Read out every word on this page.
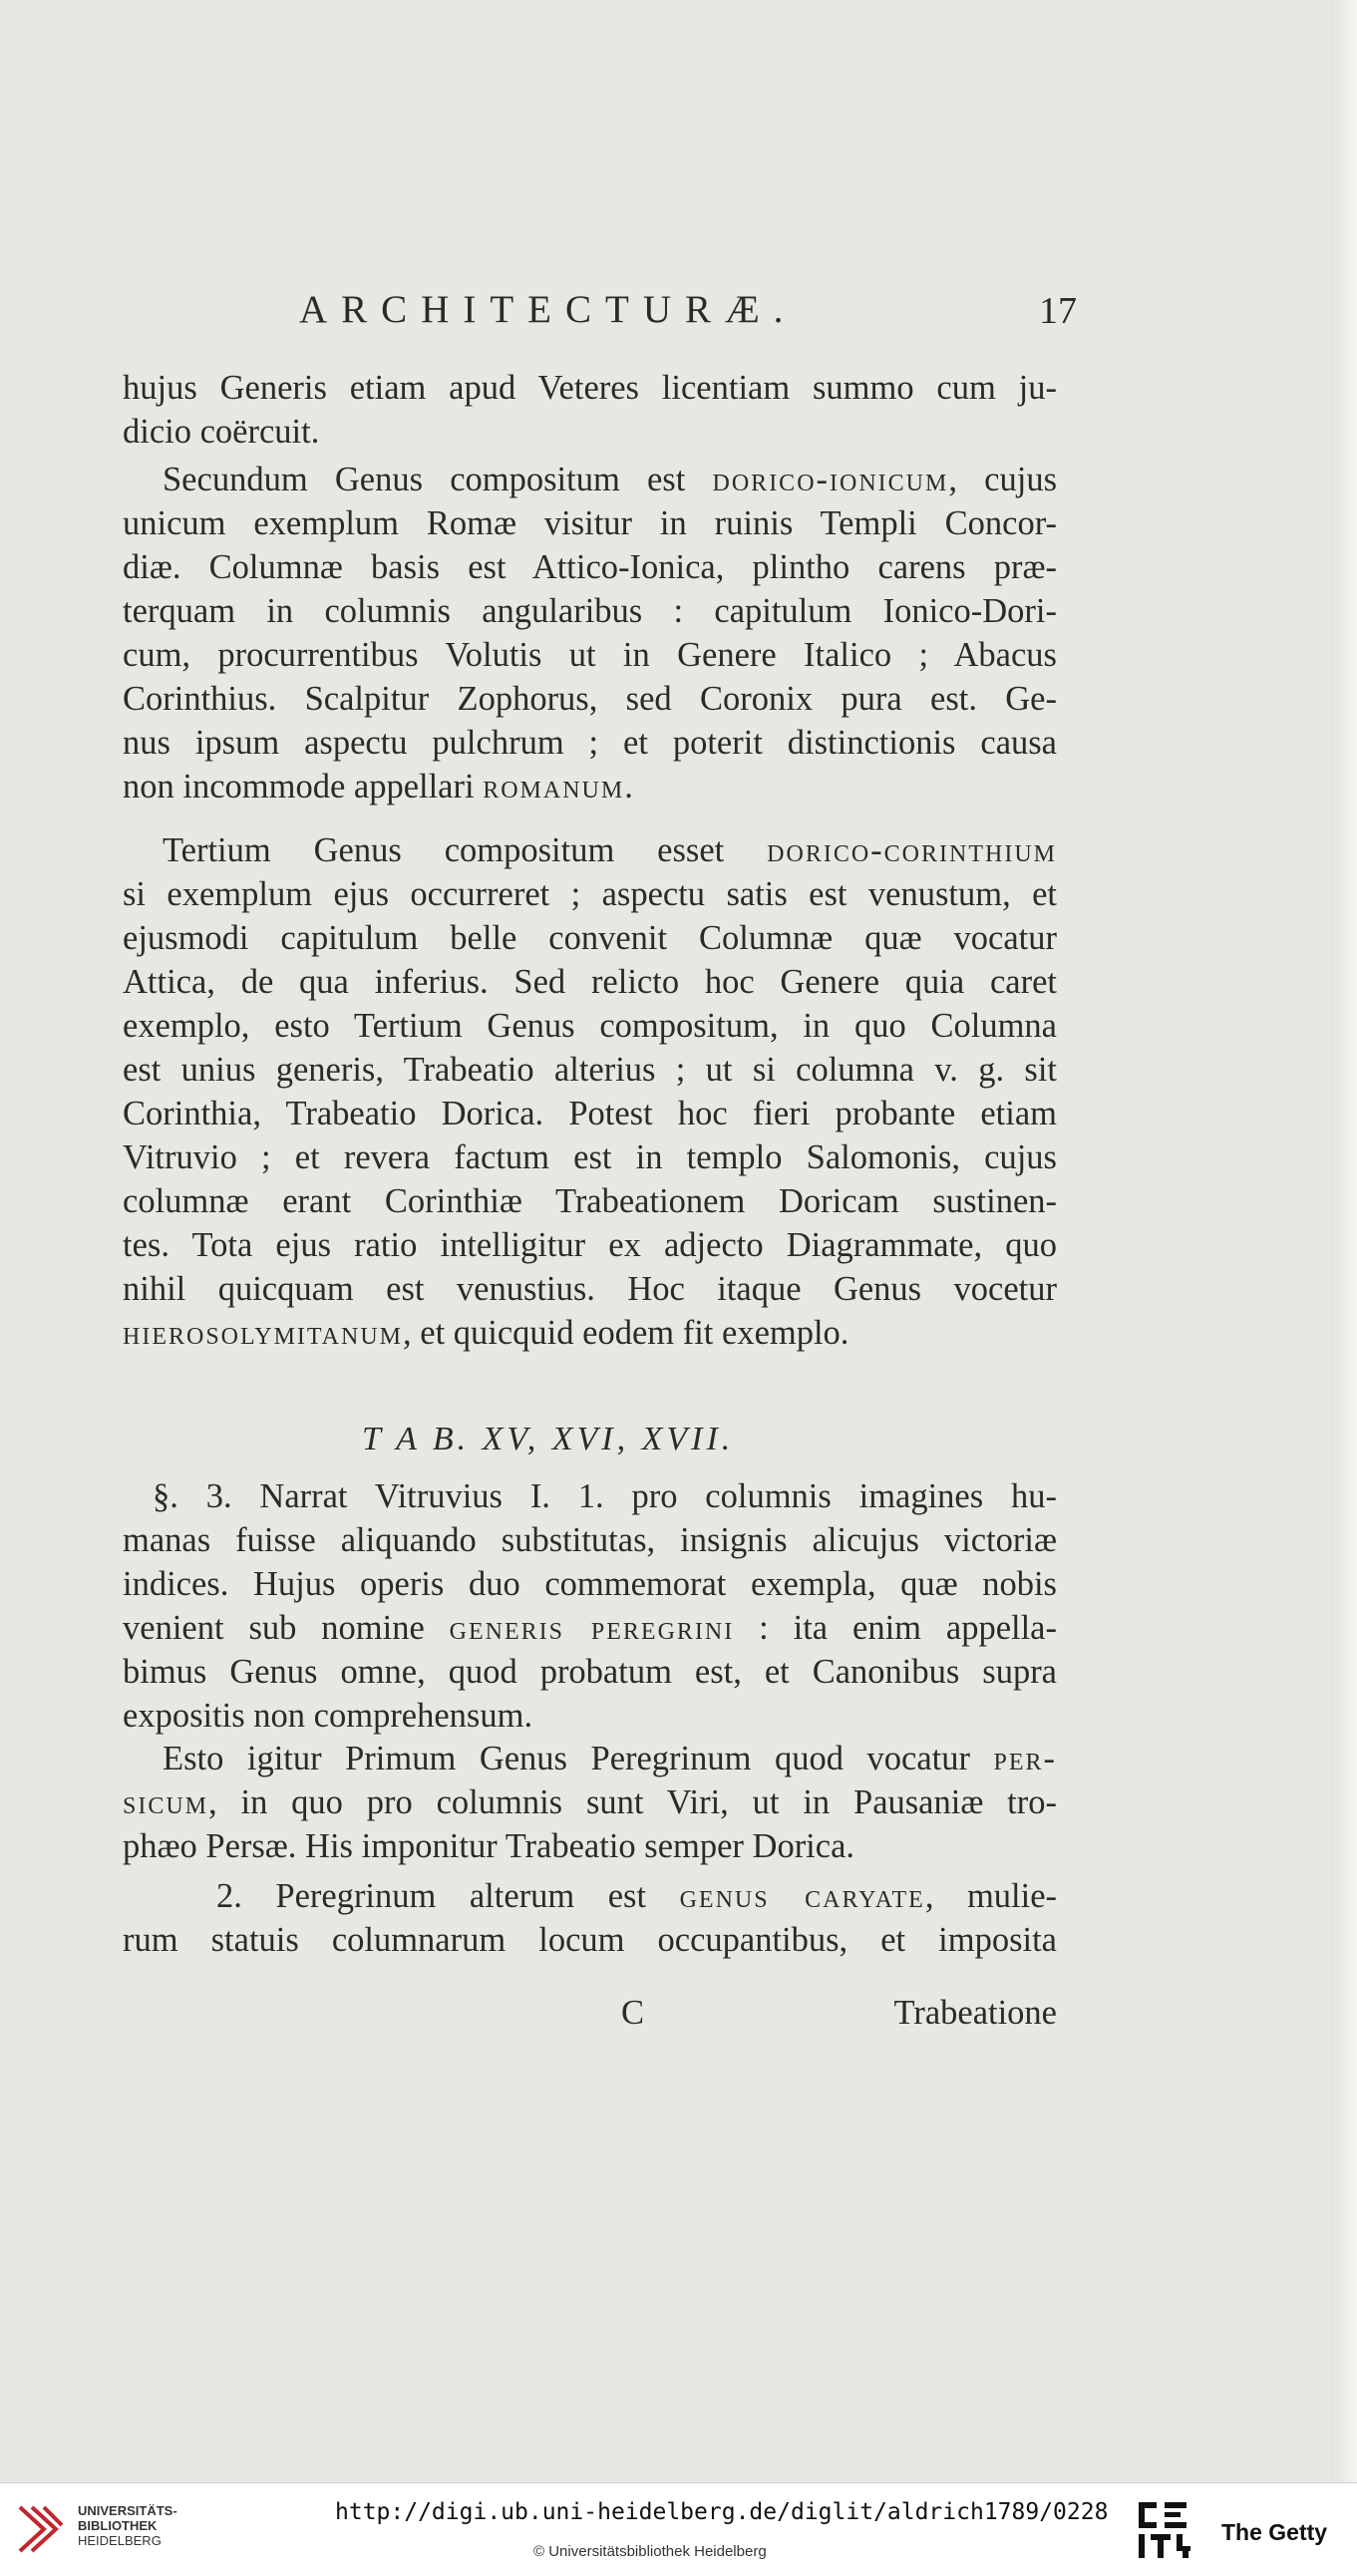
ARCHITECTURÆ.	17
hujus Generis etiam apud Veteres licentiam summo cum ju-
dicio coërcuit.
Secundum Genus compositum est dorico-ionicum, cujus
unicum exemplum Romæ visitur in ruinis Templi Concor-
diæ. Columnæ basis est Attico-Ionica, plintho carens præ-
terquam in columnis angularibus : capitulum Ionico-Dori-
cum, procurrentibus Volutis ut in Genere Italico ; Abacus
Corinthius. Scalpitur Zophorus, sed Coronix pura est. Ge-
nus ipsum aspectu pulchrum ; et poterit distinctionis causa
non incommode appellari romanum.
Tertium Genus compositum esset dorico-corinthium
si exemplum ejus occurreret ; aspectu satis est venustum, et
ejusmodi capitulum belle convenit Columnæ quæ vocatur
Attica, de qua inferius. Sed relicto hoc Genere quia caret
exemplo, esto Tertium Genus compositum, in quo Columna
est unius generis, Trabeatio alterius ; ut si columna v. g. sit
Corinthia, Trabeatio Dorica. Potest hoc fieri probante etiam
Vitruvio ; et revera factum est in templo Salomonis, cujus
columnæ erant Corinthiæ Trabeationem Doricam sustinen-
tes. Tota ejus ratio intelligitur ex adjecto Diagrammate, quo
nihil quicquam est venustius. Hoc itaque Genus vocetur
hierosolymitanum, et quicquid eodem fit exemplo.
T A B. XV, XVI, XVII.
§. 3. Narrat Vitruvius I. 1. pro columnis imagines hu-
manas fuisse aliquando substitutas, insignis alicujus victoriæ
indices. Hujus operis duo commemorat exempla, quæ nobis
venient sub nomine generis peregrini : ita enim appella-
bimus Genus omne, quod probatum est, et Canonibus supra
expositis non comprehensum.
Esto igitur Primum Genus Peregrinum quod vocatur per-
sicum, in quo pro columnis sunt Viri, ut in Pausaniæ tro-
phæo Persæ. His imponitur Trabeatio semper Dorica.
2. Peregrinum alterum est genus caryate, mulie-
rum statuis columnarum locum occupantibus, et imposita
C	Trabeatione
UNIVERSITÄTS-
BIBLIOTHEK
HEIDELBERG
http://digi.ub.uni-heidelberg.de/diglit/aldrich1789/0228
© Universitätsbibliothek Heidelberg
The Getty
